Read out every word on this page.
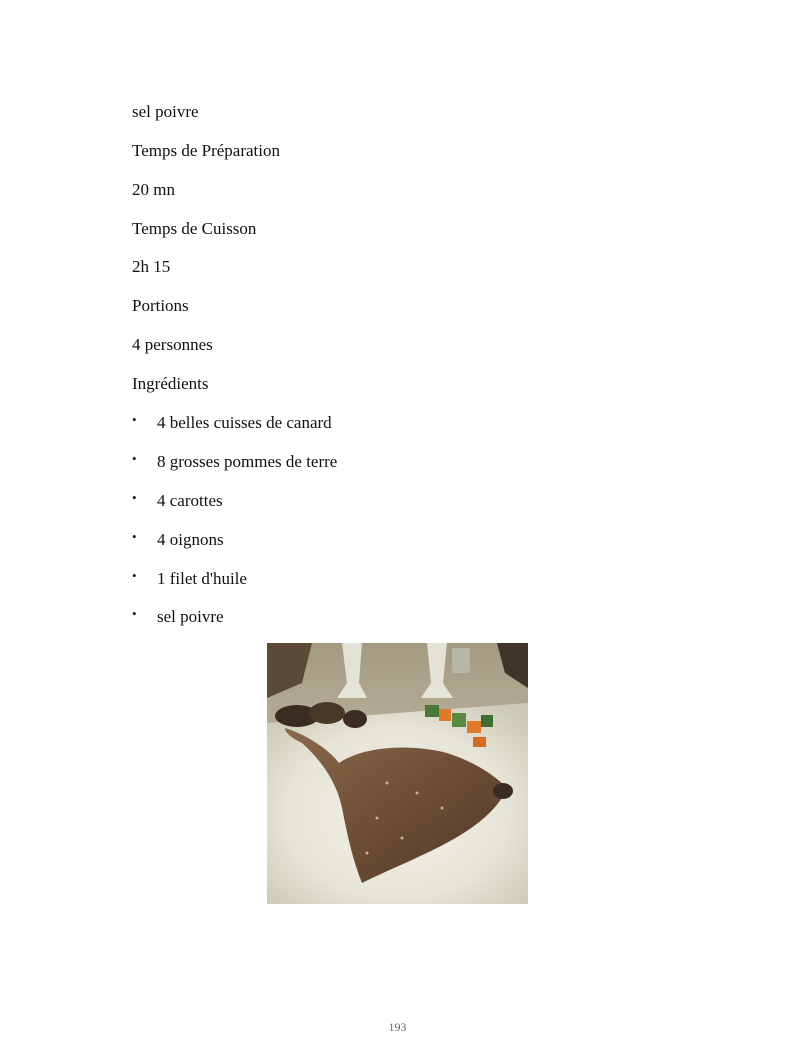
sel poivre
Temps de Préparation
20 mn
Temps de Cuisson
2h 15
Portions
4 personnes
Ingrédients
• 4 belles cuisses de canard
• 8 grosses pommes de terre
• 4 carottes
• 4 oignons
• 1 filet d'huile
• sel poivre
193
